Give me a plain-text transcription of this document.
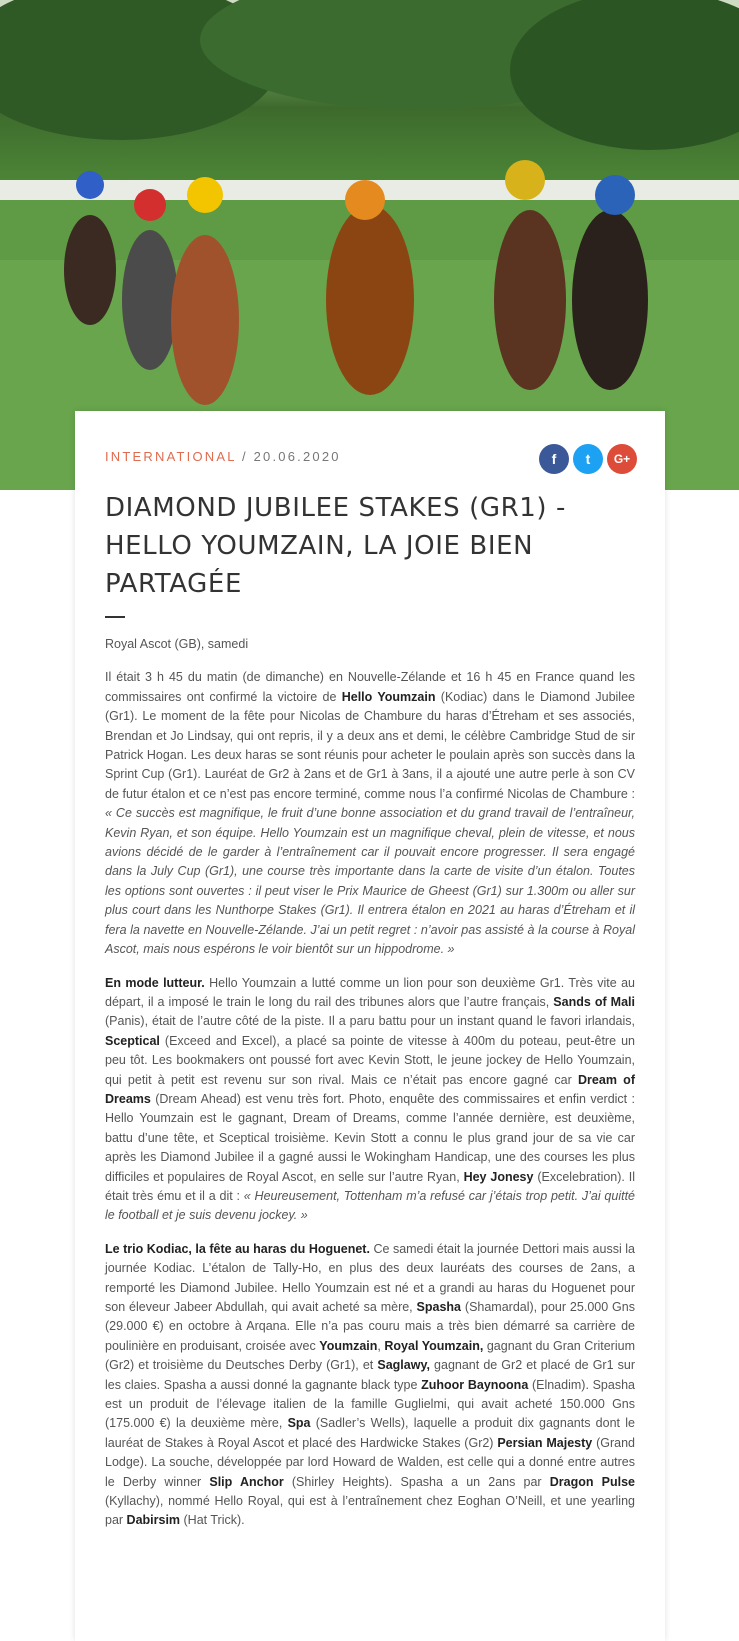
INTERNATIONAL / 20.06.2020	f t G+
DIAMOND JUBILEE STAKES (GR1) - HELLO YOUMZAIN, LA JOIE BIEN PARTAGÉE

Royal Ascot (GB), samedi

Il était 3 h 45 du matin (de dimanche) en Nouvelle-Zélande et 16 h 45 en France quand les commissaires ont confirmé la victoire de Hello Youmzain (Kodiac) dans le Diamond Jubilee (Gr1). Le moment de la fête pour Nicolas de Chambure du haras d’Étreham et ses associés, Brendan et Jo Lindsay, qui ont repris, il y a deux ans et demi, le célèbre Cambridge Stud de sir Patrick Hogan. Les deux haras se sont réunis pour acheter le poulain après son succès dans la Sprint Cup (Gr1). Lauréat de Gr2 à 2ans et de Gr1 à 3ans, il a ajouté une autre perle à son CV de futur étalon et ce n’est pas encore terminé, comme nous l’a confirmé Nicolas de Chambure : « Ce succès est magnifique, le fruit d’une bonne association et du grand travail de l’entraîneur, Kevin Ryan, et son équipe. Hello Youmzain est un magnifique cheval, plein de vitesse, et nous avions décidé de le garder à l’entraînement car il pouvait encore progresser. Il sera engagé dans la July Cup (Gr1), une course très importante dans la carte de visite d’un étalon. Toutes les options sont ouvertes : il peut viser le Prix Maurice de Gheest (Gr1) sur 1.300m ou aller sur plus court dans les Nunthorpe Stakes (Gr1). Il entrera étalon en 2021 au haras d’Étreham et il fera la navette en Nouvelle-Zélande. J’ai un petit regret : n’avoir pas assisté à la course à Royal Ascot, mais nous espérons le voir bientôt sur un hippodrome. »

En mode lutteur. Hello Youmzain a lutté comme un lion pour son deuxième Gr1. Très vite au départ, il a imposé le train le long du rail des tribunes alors que l’autre français, Sands of Mali (Panis), était de l’autre côté de la piste. Il a paru battu pour un instant quand le favori irlandais, Sceptical (Exceed and Excel), a placé sa pointe de vitesse à 400m du poteau, peut-être un peu tôt. Les bookmakers ont poussé fort avec Kevin Stott, le jeune jockey de Hello Youmzain, qui petit à petit est revenu sur son rival. Mais ce n’était pas encore gagné car Dream of Dreams (Dream Ahead) est venu très fort. Photo, enquête des commissaires et enfin verdict : Hello Youmzain est le gagnant, Dream of Dreams, comme l’année dernière, est deuxième, battu d’une tête, et Sceptical troisième. Kevin Stott a connu le plus grand jour de sa vie car après les Diamond Jubilee il a gagné aussi le Wokingham Handicap, une des courses les plus difficiles et populaires de Royal Ascot, en selle sur l’autre Ryan, Hey Jonesy (Excelebration). Il était très ému et il a dit : « Heureusement, Tottenham m’a refusé car j’étais trop petit. J’ai quitté le football et je suis devenu jockey. »

Le trio Kodiac, la fête au haras du Hoguenet. Ce samedi était la journée Dettori mais aussi la journée Kodiac. L’étalon de Tally-Ho, en plus des deux lauréats des courses de 2ans, a remporté les Diamond Jubilee. Hello Youmzain est né et a grandi au haras du Hoguenet pour son éleveur Jabeer Abdullah, qui avait acheté sa mère, Spasha (Shamardal), pour 25.000 Gns (29.000 €) en octobre à Arqana. Elle n’a pas couru mais a très bien démarré sa carrière de poulinière en produisant, croisée avec Youmzain, Royal Youmzain, gagnant du Gran Criterium (Gr2) et troisième du Deutsches Derby (Gr1), et Saglawy, gagnant de Gr2 et placé de Gr1 sur les claies. Spasha a aussi donné la gagnante black type Zuhoor Baynoona (Elnadim). Spasha est un produit de l’élevage italien de la famille Guglielmi, qui avait acheté 150.000 Gns (175.000 €) la deuxième mère, Spa (Sadler’s Wells), laquelle a produit dix gagnants dont le lauréat de Stakes à Royal Ascot et placé des Hardwicke Stakes (Gr2) Persian Majesty (Grand Lodge). La souche, développée par lord Howard de Walden, est celle qui a donné entre autres le Derby winner Slip Anchor (Shirley Heights). Spasha a un 2ans par Dragon Pulse (Kyllachy), nommé Hello Royal, qui est à l’entraînement chez Eoghan O’Neill, et une yearling par Dabirsim (Hat Trick).
